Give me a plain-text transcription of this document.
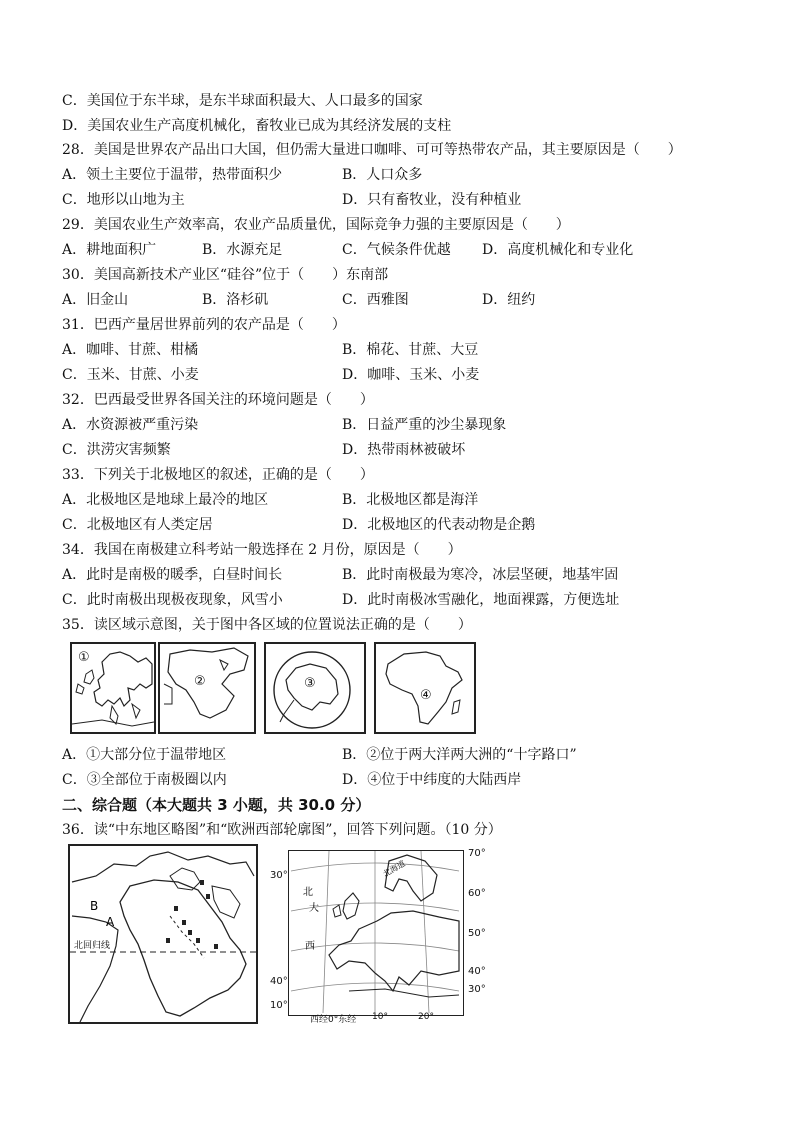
C．美国位于东半球，是东半球面积最大、人口最多的国家
D．美国农业生产高度机械化，畜牧业已成为其经济发展的支柱
28．美国是世界农产品出口大国，但仍需大量进口咖啡、可可等热带农产品，其主要原因是（　　）
A．领土主要位于温带，热带面积少	B．人口众多
C．地形以山地为主	D．只有畜牧业，没有种植业
29．美国农业生产效率高，农业产品质量优，国际竞争力强的主要原因是（　　）
A．耕地面积广	B．水源充足	C．气候条件优越 D．高度机械化和专业化
30．美国高新技术产业区“硅谷”位于（　　）东南部
A．旧金山	B．洛杉矶	C．西雅图	D．纽约
31．巴西产量居世界前列的农产品是（　　）
A．咖啡、甘蔗、柑橘	B．棉花、甘蔗、大豆
C．玉米、甘蔗、小麦	D．咖啡、玉米、小麦
32．巴西最受世界各国关注的环境问题是（　　）
A．水资源被严重污染	B．日益严重的沙尘暴现象
C．洪涝灾害频繁	D．热带雨林被破坏
33．下列关于北极地区的叙述，正确的是（　　）
A．北极地区是地球上最冷的地区	B．北极地区都是海洋
C．北极地区有人类定居	D．北极地区的代表动物是企鹅
34．我国在南极建立科考站一般选择在 2 月份，原因是（　　）
A．此时是南极的暖季，白昼时间长	B．此时南极最为寒冷，冰层坚硬，地基牢固
C．此时南极出现极夜现象，风雪小	D．此时南极冰雪融化，地面裸露，方便选址
35．读区域示意图，关于图中各区域的位置说法正确的是（　　）
①
②	③
④
A．①大部分位于温带地区	B．②位于两大洋两大洲的“十字路口”
C．③全部位于南极圈以内	D．④位于中纬度的大陆西岸
二、综合题（本大题共 3 小题，共 30.0 分）
36．读“中东地区略图”和“欧洲西部轮廓图”，回答下列问题。（10 分）
B
A
北回归线
北海道
北
大
西
30°
40°
10°
70°
60°
50°
40°
30°
西经0°东经 10°	20°
